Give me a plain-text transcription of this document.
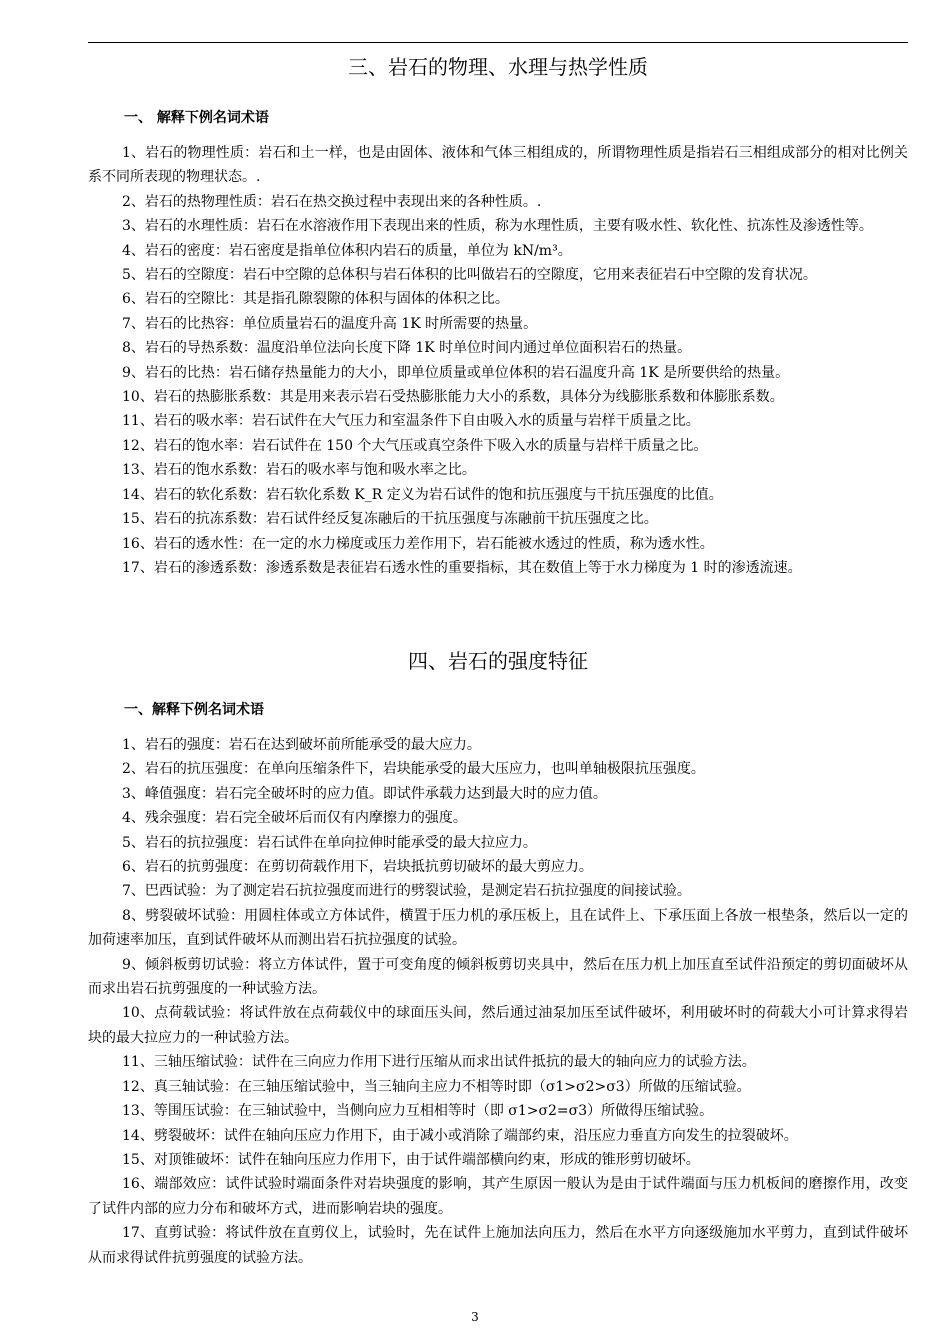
三、岩石的物理、水理与热学性质
一、 解释下例名词术语

1、岩石的物理性质：岩石和土一样，也是由固体、液体和气体三相组成的，所谓物理性质是指岩石三相组成部分的相对比例关系不同所表现的物理状态。.

2、岩石的热物理性质：岩石在热交换过程中表现出来的各种性质。.

3、岩石的水理性质：岩石在水溶液作用下表现出来的性质，称为水理性质，主要有吸水性、软化性、抗冻性及渗透性等。

4、岩石的密度：岩石密度是指单位体积内岩石的质量，单位为 kN/m³。

5、岩石的空隙度：岩石中空隙的总体积与岩石体积的比叫做岩石的空隙度，它用来表征岩石中空隙的发育状况。

6、岩石的空隙比：其是指孔隙裂隙的体积与固体的体积之比。

7、岩石的比热容：单位质量岩石的温度升高 1K 时所需要的热量。

8、岩石的导热系数：温度沿单位法向长度下降 1K 时单位时间内通过单位面积岩石的热量。

9、岩石的比热：岩石储存热量能力的大小，即单位质量或单位体积的岩石温度升高 1K 是所要供给的热量。

10、岩石的热膨胀系数：其是用来表示岩石受热膨胀能力大小的系数，具体分为线膨胀系数和体膨胀系数。

11、岩石的吸水率：岩石试件在大气压力和室温条件下自由吸入水的质量与岩样干质量之比。

12、岩石的饱水率：岩石试件在 150 个大气压或真空条件下吸入水的质量与岩样干质量之比。

13、岩石的饱水系数：岩石的吸水率与饱和吸水率之比。

14、岩石的软化系数：岩石软化系数 K_R 定义为岩石试件的饱和抗压强度与干抗压强度的比值。

15、岩石的抗冻系数：岩石试件经反复冻融后的干抗压强度与冻融前干抗压强度之比。

16、岩石的透水性：在一定的水力梯度或压力差作用下，岩石能被水透过的性质，称为透水性。

17、岩石的渗透系数：渗透系数是表征岩石透水性的重要指标，其在数值上等于水力梯度为 1 时的渗透流速。

四、岩石的强度特征
一、解释下例名词术语

1、岩石的强度：岩石在达到破坏前所能承受的最大应力。

2、岩石的抗压强度：在单向压缩条件下，岩块能承受的最大压应力，也叫单轴极限抗压强度。

3、峰值强度：岩石完全破坏时的应力值。即试件承载力达到最大时的应力值。

4、残余强度：岩石完全破坏后而仅有内摩擦力的强度。

5、岩石的抗拉强度：岩石试件在单向拉伸时能承受的最大拉应力。

6、岩石的抗剪强度：在剪切荷载作用下，岩块抵抗剪切破坏的最大剪应力。

7、巴西试验：为了测定岩石抗拉强度而进行的劈裂试验，是测定岩石抗拉强度的间接试验。

8、劈裂破坏试验：用圆柱体或立方体试件，横置于压力机的承压板上，且在试件上、下承压面上各放一根垫条，然后以一定的加荷速率加压，直到试件破坏从而测出岩石抗拉强度的试验。

9、倾斜板剪切试验：将立方体试件，置于可变角度的倾斜板剪切夹具中，然后在压力机上加压直至试件沿预定的剪切面破坏从而求出岩石抗剪强度的一种试验方法。

10、点荷载试验：将试件放在点荷载仪中的球面压头间，然后通过油泵加压至试件破坏，利用破坏时的荷载大小可计算求得岩块的最大拉应力的一种试验方法。

11、三轴压缩试验：试件在三向应力作用下进行压缩从而求出试件抵抗的最大的轴向应力的试验方法。

12、真三轴试验：在三轴压缩试验中，当三轴向主应力不相等时即（σ1>σ2>σ3）所做的压缩试验。

13、等围压试验：在三轴试验中，当侧向应力互相相等时（即 σ1>σ2=σ3）所做得压缩试验。

14、劈裂破坏：试件在轴向压应力作用下，由于减小或消除了端部约束，沿压应力垂直方向发生的拉裂破坏。

15、对顶锥破坏：试件在轴向压应力作用下，由于试件端部横向约束，形成的锥形剪切破坏。

16、端部效应：试件试验时端面条件对岩块强度的影响，其产生原因一般认为是由于试件端面与压力机板间的磨擦作用，改变了试件内部的应力分布和破坏方式，进而影响岩块的强度。

17、直剪试验：将试件放在直剪仪上，试验时，先在试件上施加法向压力，然后在水平方向逐级施加水平剪力，直到试件破坏从而求得试件抗剪强度的试验方法。

3
